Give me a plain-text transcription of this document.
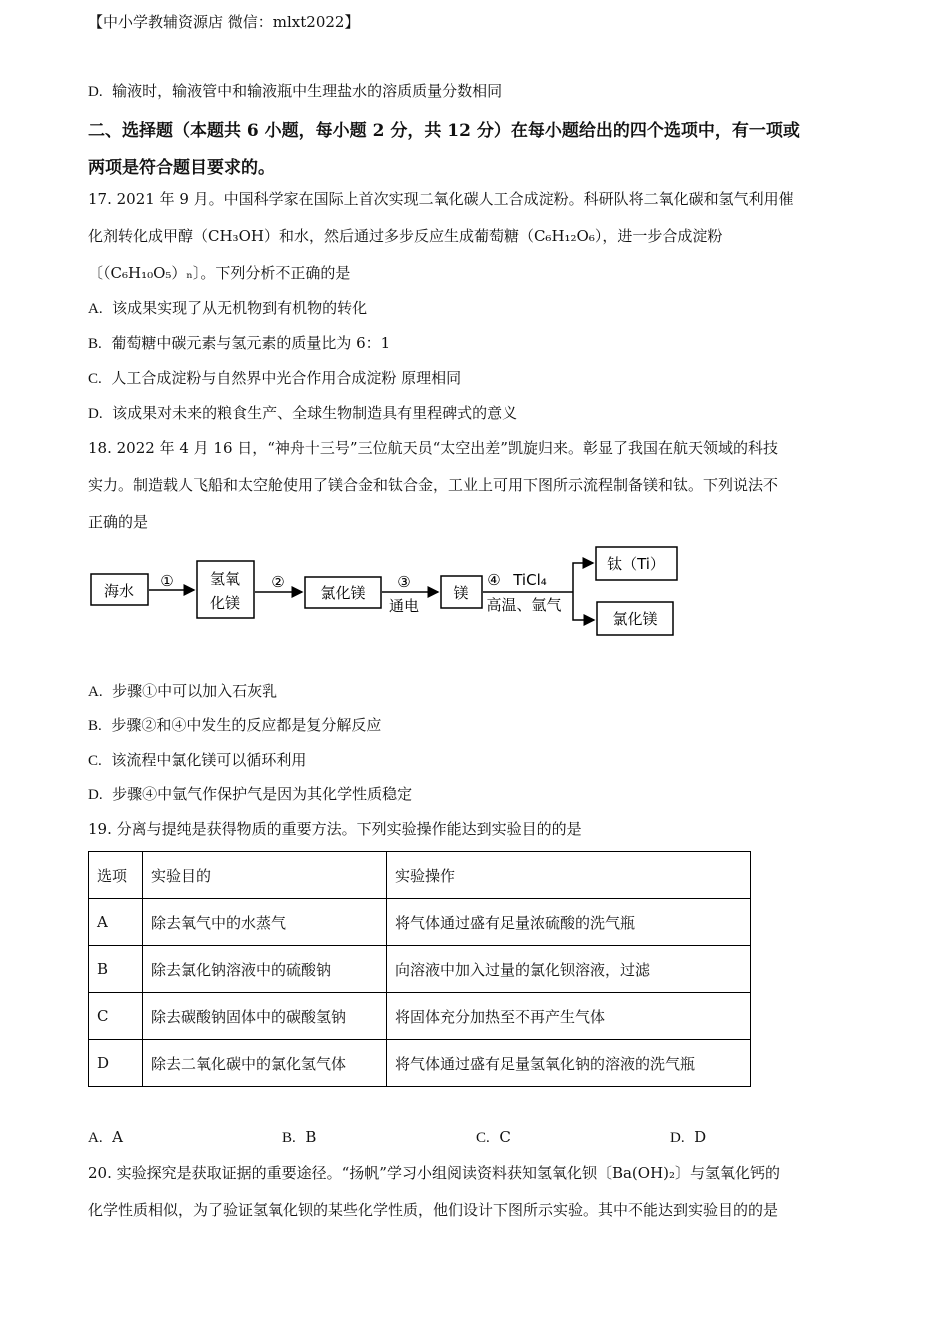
【中小学教辅资源店 微信：mlxt2022】
D. 输液时，输液管中和输液瓶中生理盐水的溶质质量分数相同
二、选择题（本题共 6 小题，每小题 2 分，共 12 分）在每小题给出的四个选项中，有一项或
两项是符合题目要求的。
17. 2021 年 9 月。中国科学家在国际上首次实现二氧化碳人工合成淀粉。科研队将二氧化碳和氢气利用催
化剂转化成甲醇（CH₃OH）和水，然后通过多步反应生成葡萄糖（C₆H₁₂O₆），进一步合成淀粉
〔（C₆H₁₀O₅）ₙ〕。下列分析不正确的是
A. 该成果实现了从无机物到有机物的转化
B. 葡萄糖中碳元素与氢元素的质量比为 6：1
C. 人工合成淀粉与自然界中光合作用合成淀粉 原理相同
D. 该成果对未来的粮食生产、全球生物制造具有里程碑式的意义
18. 2022 年 4 月 16 日，“神舟十三号”三位航天员“太空出差”凯旋归来。彰显了我国在航天领域的科技
实力。制造载人飞船和太空舱使用了镁合金和钛合金，工业上可用下图所示流程制备镁和钛。下列说法不
正确的是
海水
氢氧
化镁
氯化镁	镁
钛（Ti）
氯化镁
①	②	③
通电
④ TiCl₄
高温、氩气
A. 步骤①中可以加入石灰乳
B. 步骤②和④中发生的反应都是复分解反应
C. 该流程中氯化镁可以循环利用
D. 步骤④中氩气作保护气是因为其化学性质稳定
19. 分离与提纯是获得物质的重要方法。下列实验操作能达到实验目的的是
选项	实验目的	实验操作
A	除去氧气中的水蒸气	将气体通过盛有足量浓硫酸的洗气瓶
B	除去氯化钠溶液中的硫酸钠	向溶液中加入过量的氯化钡溶液，过滤
C	除去碳酸钠固体中的碳酸氢钠	将固体充分加热至不再产生气体
D	除去二氧化碳中的氯化氢气体	将气体通过盛有足量氢氧化钠的溶液的洗气瓶
A. A	B. B	C. C	D. D
20. 实验探究是获取证据的重要途径。“扬帆”学习小组阅读资料获知氢氧化钡〔Ba(OH)₂〕与氢氧化钙的
化学性质相似，为了验证氢氧化钡的某些化学性质，他们设计下图所示实验。其中不能达到实验目的的是
